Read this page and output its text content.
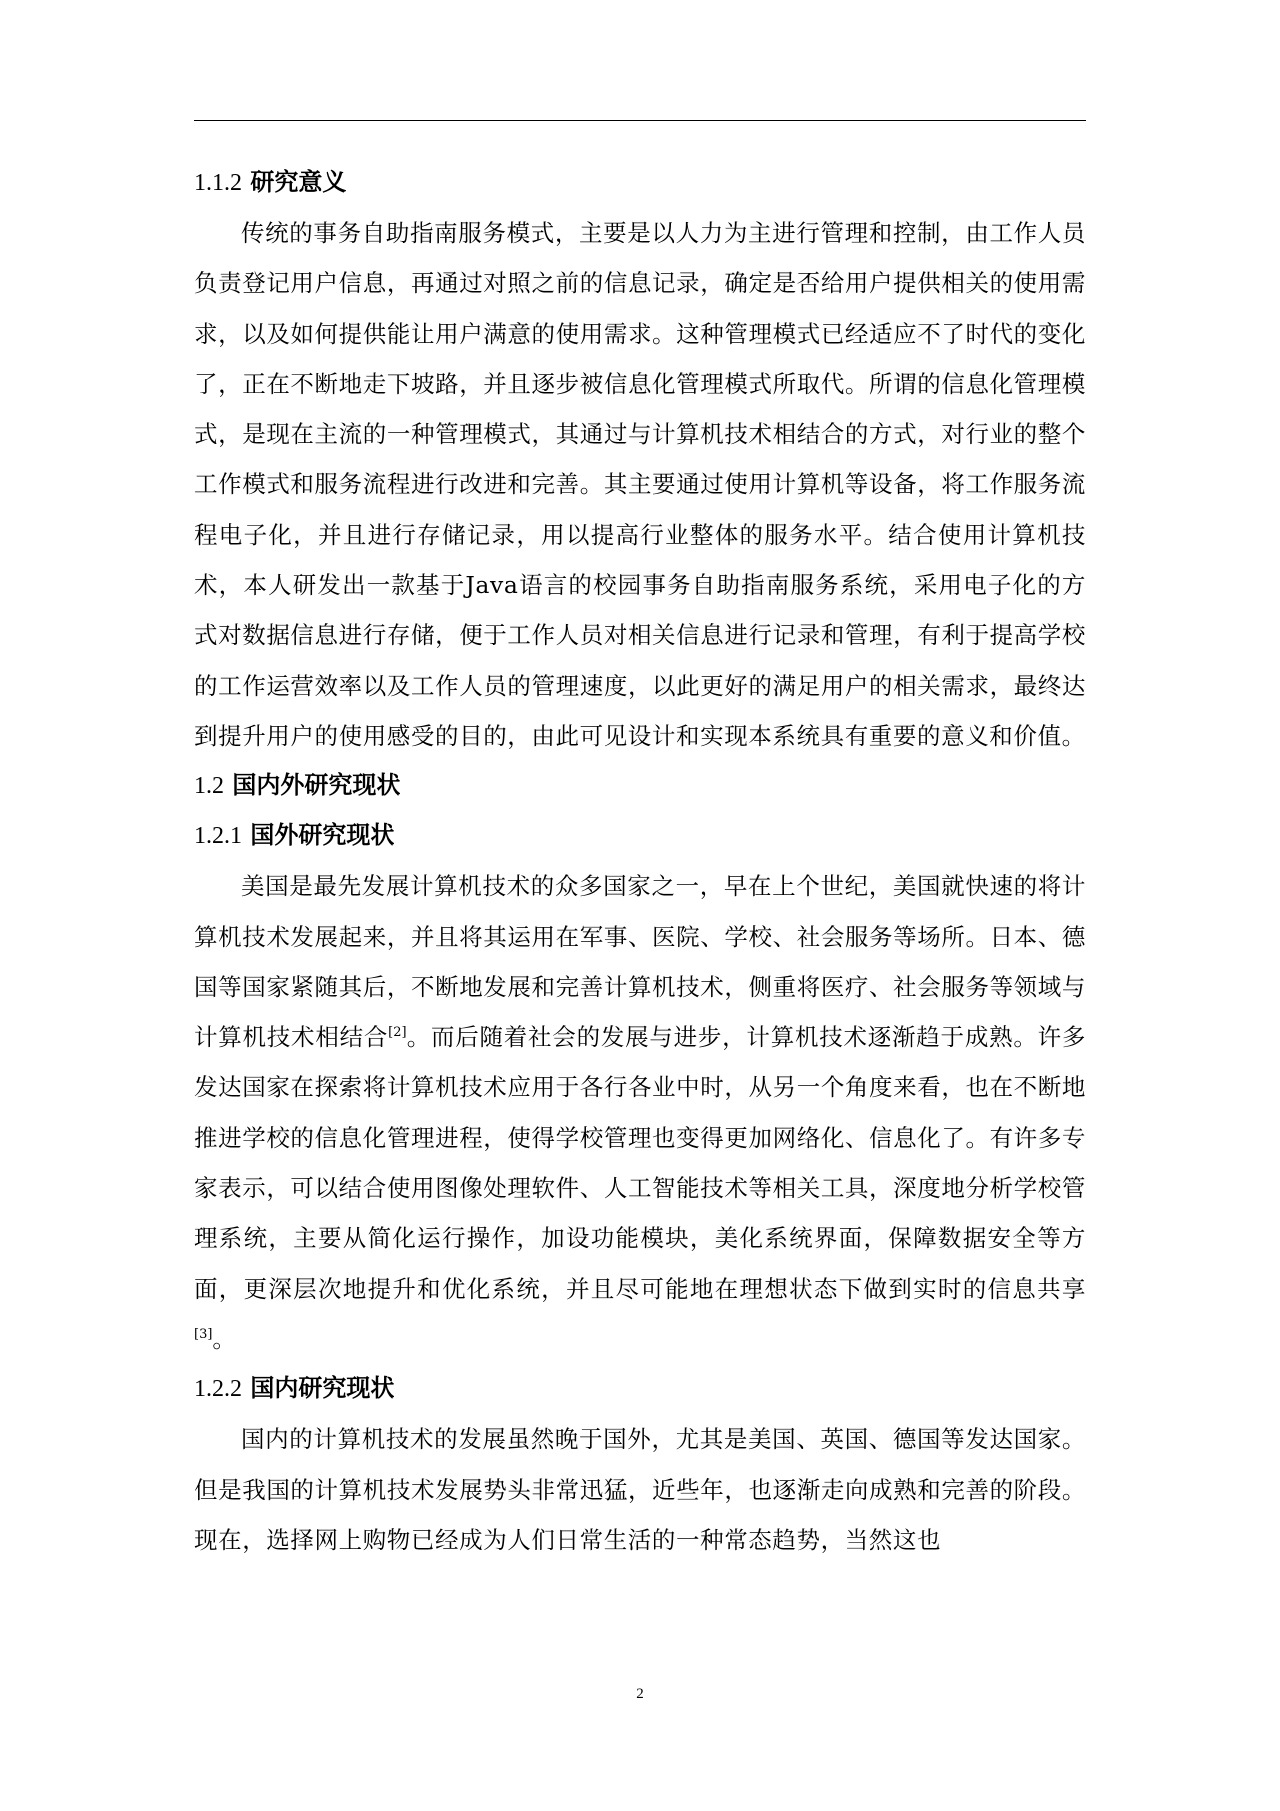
1.1.2 研究意义

传统的事务自助指南服务模式，主要是以人力为主进行管理和控制，由工作人员负责登记用户信息，再通过对照之前的信息记录，确定是否给用户提供相关的使用需求，以及如何提供能让用户满意的使用需求。这种管理模式已经适应不了时代的变化了，正在不断地走下坡路，并且逐步被信息化管理模式所取代。所谓的信息化管理模式，是现在主流的一种管理模式，其通过与计算机技术相结合的方式，对行业的整个工作模式和服务流程进行改进和完善。其主要通过使用计算机等设备，将工作服务流程电子化，并且进行存储记录，用以提高行业整体的服务水平。结合使用计算机技术，本人研发出一款基于Java语言的校园事务自助指南服务系统，采用电子化的方式对数据信息进行存储，便于工作人员对相关信息进行记录和管理，有利于提高学校的工作运营效率以及工作人员的管理速度，以此更好的满足用户的相关需求，最终达到提升用户的使用感受的目的，由此可见设计和实现本系统具有重要的意义和价值。

1.2 国内外研究现状
1.2.1 国外研究现状

美国是最先发展计算机技术的众多国家之一，早在上个世纪，美国就快速的将计算机技术发展起来，并且将其运用在军事、医院、学校、社会服务等场所。日本、德国等国家紧随其后，不断地发展和完善计算机技术，侧重将医疗、社会服务等领域与计算机技术相结合[2]。而后随着社会的发展与进步，计算机技术逐渐趋于成熟。许多发达国家在探索将计算机技术应用于各行各业中时，从另一个角度来看，也在不断地推进学校的信息化管理进程，使得学校管理也变得更加网络化、信息化了。有许多专家表示，可以结合使用图像处理软件、人工智能技术等相关工具，深度地分析学校管理系统，主要从简化运行操作，加设功能模块，美化系统界面，保障数据安全等方面，更深层次地提升和优化系统，并且尽可能地在理想状态下做到实时的信息共享[3]。

1.2.2 国内研究现状

国内的计算机技术的发展虽然晚于国外，尤其是美国、英国、德国等发达国家。但是我国的计算机技术发展势头非常迅猛，近些年，也逐渐走向成熟和完善的阶段。现在，选择网上购物已经成为人们日常生活的一种常态趋势，当然这也

2
